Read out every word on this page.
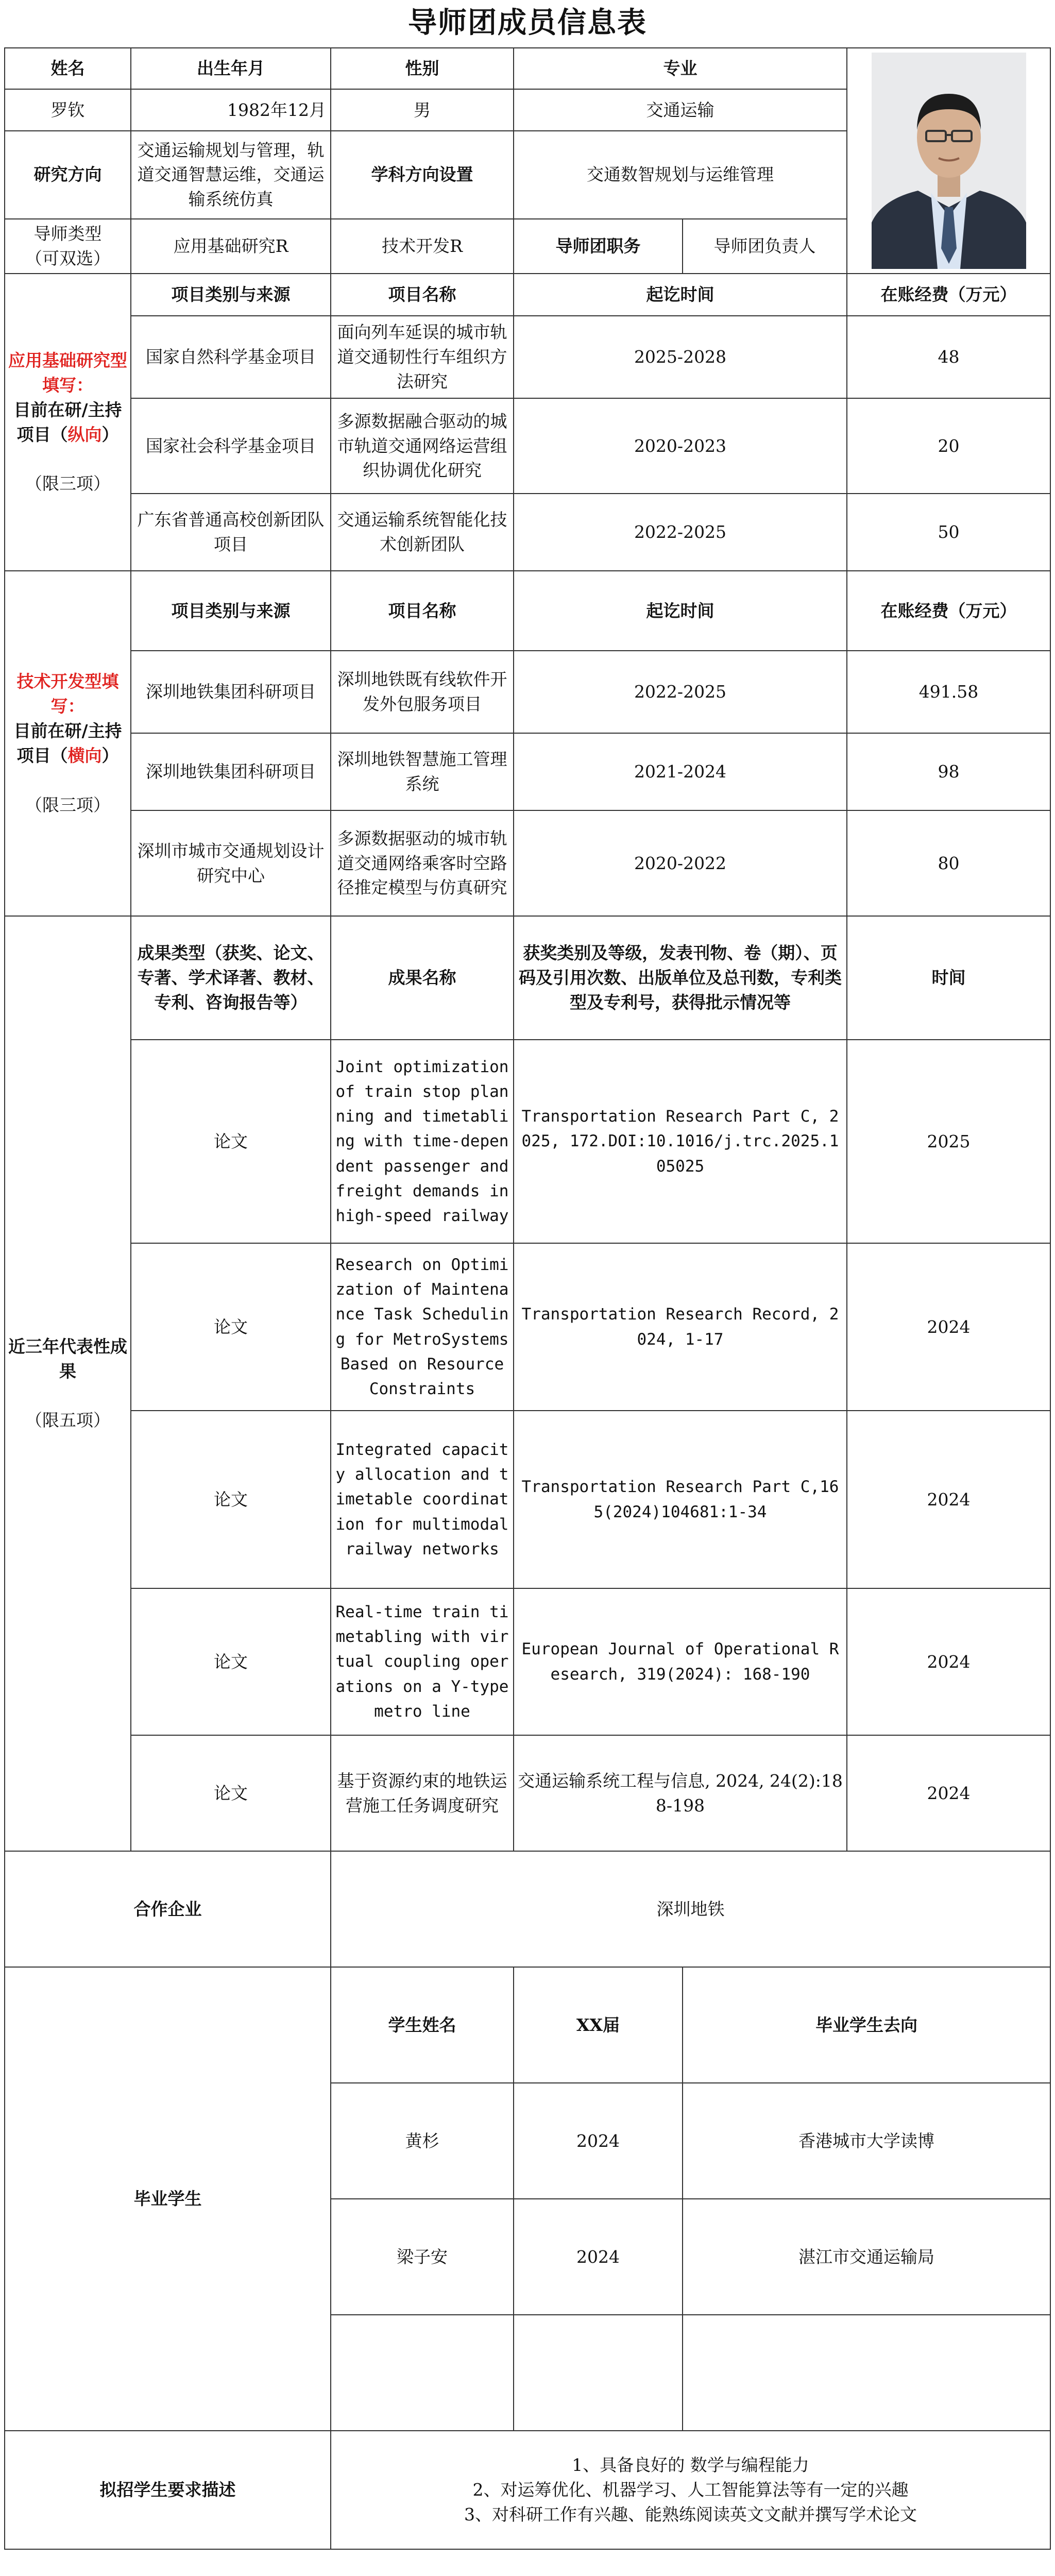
导师团成员信息表
姓名	出生年月	性别	专业	

罗钦	1982年12月	男	交通运输		
研究方向	交通运输规划与管理，轨道交通智慧运维，交通运输系统仿真	学科方向设置	交通数智规划与运维管理		
导师类型
（可双选）	应用基础研究R	技术开发R	导师团职务	导师团负责人	
应用基础研究型填写：
目前在研/主持项目（纵向）

（限三项）	项目类别与来源	项目名称	起讫时间		在账经费（万元）
	国家自然科学基金项目	面向列车延误的城市轨道交通韧性行车组织方法研究	2025-2028		48
	国家社会科学基金项目	多源数据融合驱动的城市轨道交通网络运营组织协调优化研究	2020-2023		20
	广东省普通高校创新团队项目	交通运输系统智能化技术创新团队	2022-2025		50
技术开发型填写：
目前在研/主持项目（横向）

（限三项）	项目类别与来源	项目名称	起讫时间		在账经费（万元）
	深圳地铁集团科研项目	深圳地铁既有线软件开发外包服务项目	2022-2025		491.58
	深圳地铁集团科研项目	深圳地铁智慧施工管理系统	2021-2024		98
	深圳市城市交通规划设计研究中心	多源数据驱动的城市轨道交通网络乘客时空路径推定模型与仿真研究	2020-2022		80
近三年代表性成果

（限五项）	成果类型（获奖、论文、专著、学术译著、教材、专利、咨询报告等）	成果名称	获奖类别及等级，发表刊物、卷（期）、页码及引用次数、出版单位及总刊数，专利类型及专利号，获得批示情况等		时间
	论文	Joint optimization of train stop planning and timetabling with time-dependent passenger and freight demands in high-speed railway	Transportation Research Part C, 2025, 172.DOI:10.1016/j.trc.2025.105025		2025
	论文	Research on Optimization of Maintenance Task Scheduling for MetroSystems Based on Resource Constraints	Transportation Research Record, 2024, 1-17		2024
	论文	Integrated capacity allocation and timetable coordination for multimodal railway networks	Transportation Research Part C,165(2024)104681:1-34		2024
	论文	Real-time train timetabling with virtual coupling operations on a Y-type metro line	European Journal of Operational Research, 319(2024): 168-190		2024
	论文	基于资源约束的地铁运营施工任务调度研究	交通运输系统工程与信息, 2024, 24(2):188-198		2024
合作企业		深圳地铁			
毕业学生		学生姓名	XX届	毕业学生去向	
		黄杉	2024	香港城市大学读博	
		梁子安	2024	湛江市交通运输局	

拟招学生要求描述		1、具备良好的 数学与编程能力
2、对运筹优化、机器学习、人工智能算法等有一定的兴趣
3、对科研工作有兴趣、能熟练阅读英文文献并撰写学术论文			
